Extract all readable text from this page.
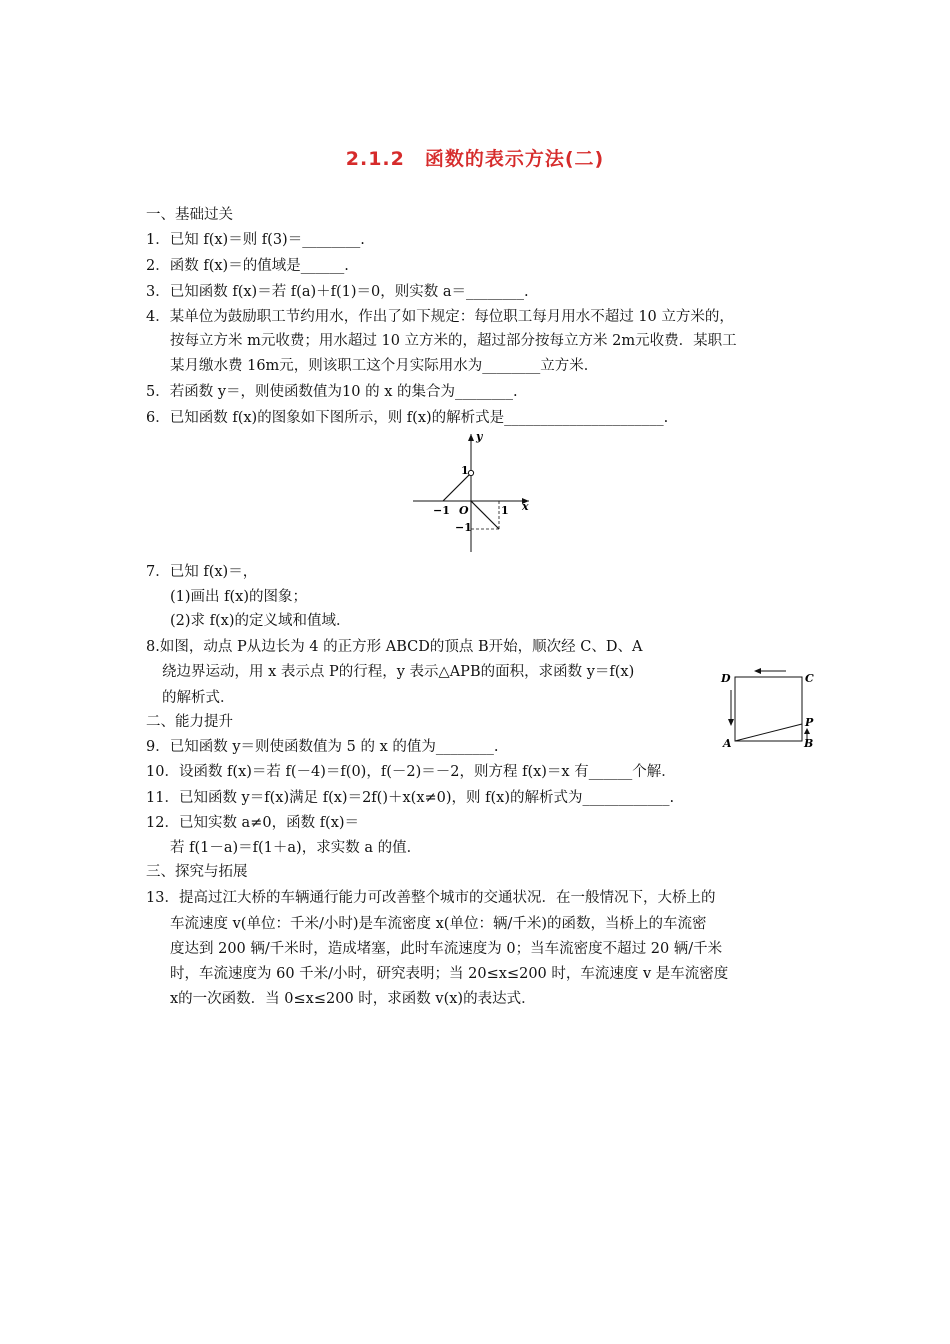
2.1.2　函数的表示方法(二)
一、基础过关
1．已知 f(x)＝则 f(3)＝________.
2．函数 f(x)＝的值域是______.
3．已知函数 f(x)＝若 f(a)＋f(1)＝0，则实数 a＝________.
4．某单位为鼓励职工节约用水，作出了如下规定：每位职工每月用水不超过 10 立方米的，
按每立方米 m元收费；用水超过 10 立方米的，超过部分按每立方米 2m元收费．某职工
某月缴水费 16m元，则该职工这个月实际用水为________立方米．
5．若函数 y＝，则使函数值为10 的 x 的集合为________.
6．已知函数 f(x)的图象如下图所示，则 f(x)的解析式是______________________.
y
x
1
−1 O	1
−1
7．已知 f(x)＝，
(1)画出 f(x)的图象；
(2)求 f(x)的定义域和值域．
8.如图，动点 P从边长为 4 的正方形 ABCD的顶点 B开始，顺次经 C、D、A
绕边界运动，用 x 表示点 P的行程，y 表示△APB的面积，求函数 y＝f(x)
的解析式．
D	C
A	B
P
二、能力提升
9．已知函数 y＝则使函数值为 5 的 x 的值为________.
10．设函数 f(x)＝若 f(－4)＝f(0)，f(－2)＝－2，则方程 f(x)＝x 有______个解．
11．已知函数 y＝f(x)满足 f(x)＝2f()＋x(x≠0)，则 f(x)的解析式为____________.
12．已知实数 a≠0，函数 f(x)＝
若 f(1－a)＝f(1＋a)，求实数 a 的值．
三、探究与拓展
13．提高过江大桥的车辆通行能力可改善整个城市的交通状况．在一般情况下，大桥上的
车流速度 v(单位：千米/小时)是车流密度 x(单位：辆/千米)的函数，当桥上的车流密
度达到 200 辆/千米时，造成堵塞，此时车流速度为 0；当车流密度不超过 20 辆/千米
时，车流速度为 60 千米/小时，研究表明；当 20≤x≤200 时，车流速度 v 是车流密度
x的一次函数．当 0≤x≤200 时，求函数 v(x)的表达式．
